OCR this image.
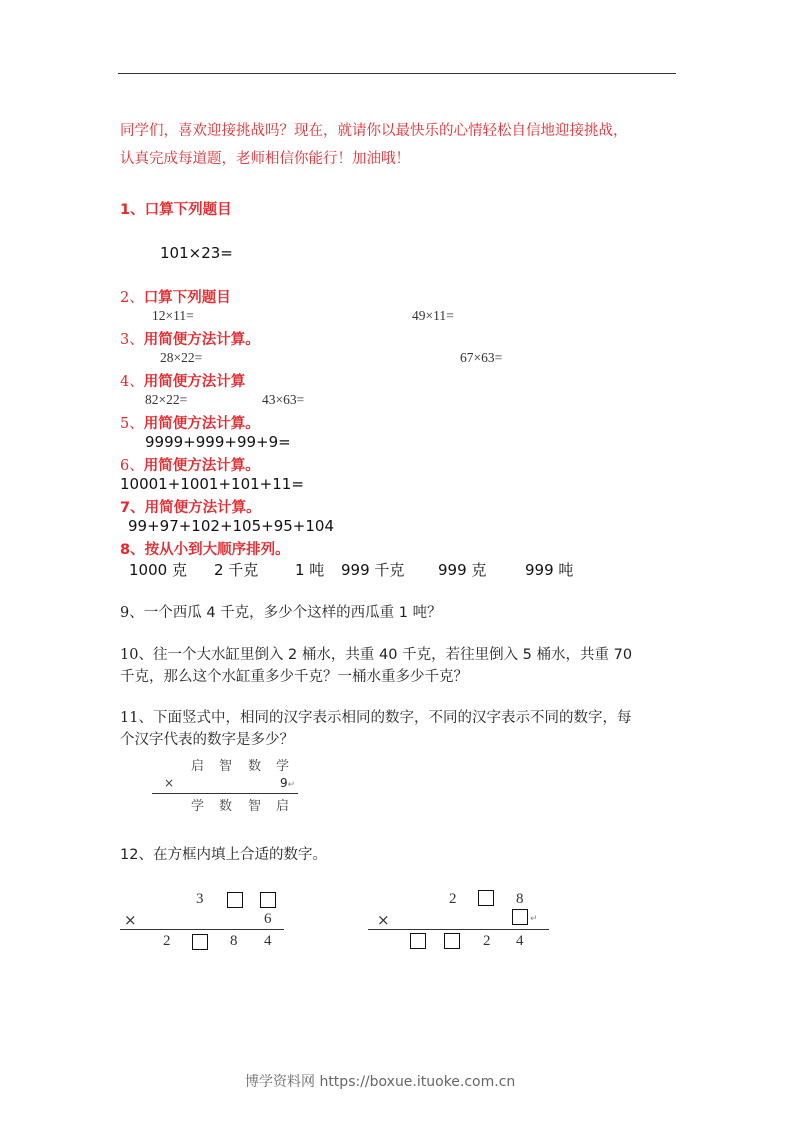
同学们，喜欢迎接挑战吗？现在，就请你以最快乐的心情轻松自信地迎接挑战，
认真完成每道题，老师相信你能行！加油哦！
1、口算下列题目
101×23=
2、口算下列题目
12×11=	49×11=
3、用简便方法计算。
28×22=	67×63=
4、用简便方法计算
82×22=	43×63=
5、用简便方法计算。
9999+999+99+9=
6、用简便方法计算。
10001+1001+101+11=
7、用简便方法计算。
99+97+102+105+95+104
8、按从小到大顺序排列。
1000 克 2 千克 1 吨 999 千克 999 克	999 吨
9、一个西瓜 4 千克，多少个这样的西瓜重 1 吨？
10、往一个大水缸里倒入 2 桶水，共重 40 千克，若往里倒入 5 桶水，共重 70
千克，那么这个水缸重多少千克？一桶水重多少千克？
11、下面竖式中，相同的汉字表示相同的数字，不同的汉字表示不同的数字，每
个汉字代表的数字是多少？
启 智 数 学
×	9↵
学 数 智 启
12、在方框内填上合适的数字。
3
×	6
2	8 4
2	8
×	↵
2 4
博学资料网 https://boxue.ituoke.com.cn
